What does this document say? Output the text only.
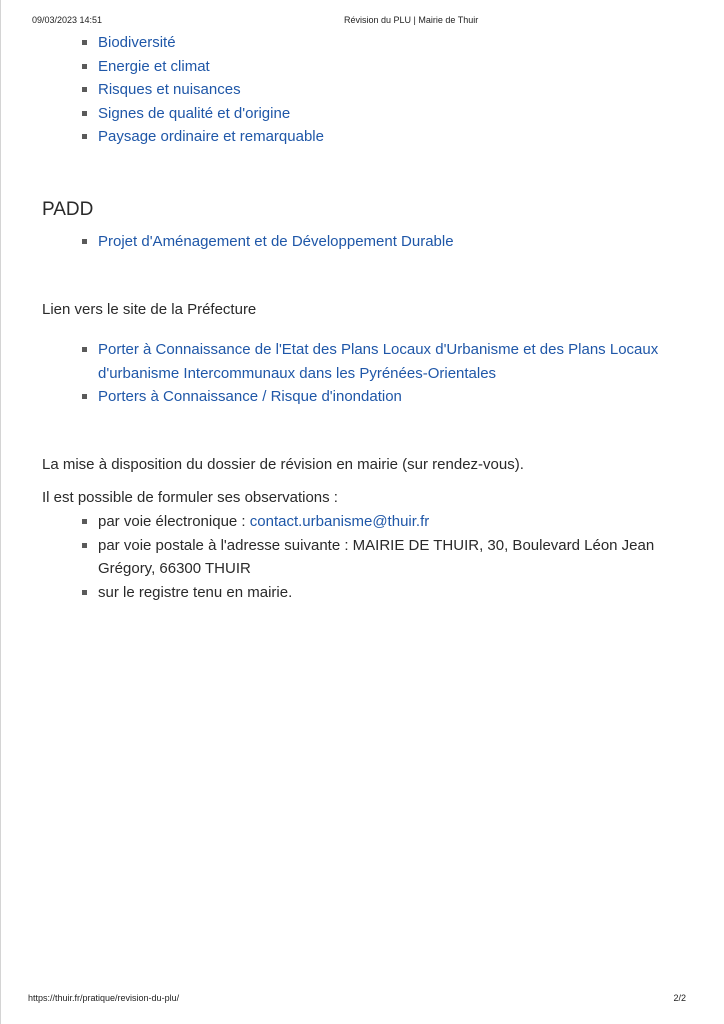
09/03/2023 14:51	Révision du PLU | Mairie de Thuir
Biodiversité
Energie et climat
Risques et nuisances
Signes de qualité et d'origine
Paysage ordinaire et remarquable
PADD
Projet d'Aménagement et de Développement Durable
Lien vers le site de la Préfecture
Porter à Connaissance de l'Etat des Plans Locaux d'Urbanisme et des Plans Locaux
d'urbanisme Intercommunaux dans les Pyrénées-Orientales
Porters à Connaissance / Risque d'inondation
La mise à disposition du dossier de révision en mairie (sur rendez-vous).
Il est possible de formuler ses observations :
par voie électronique : contact.urbanisme@thuir.fr
par voie postale à l'adresse suivante : MAIRIE DE THUIR, 30, Boulevard Léon Jean
Grégory, 66300 THUIR
sur le registre tenu en mairie.
https://thuir.fr/pratique/revision-du-plu/	2/2
